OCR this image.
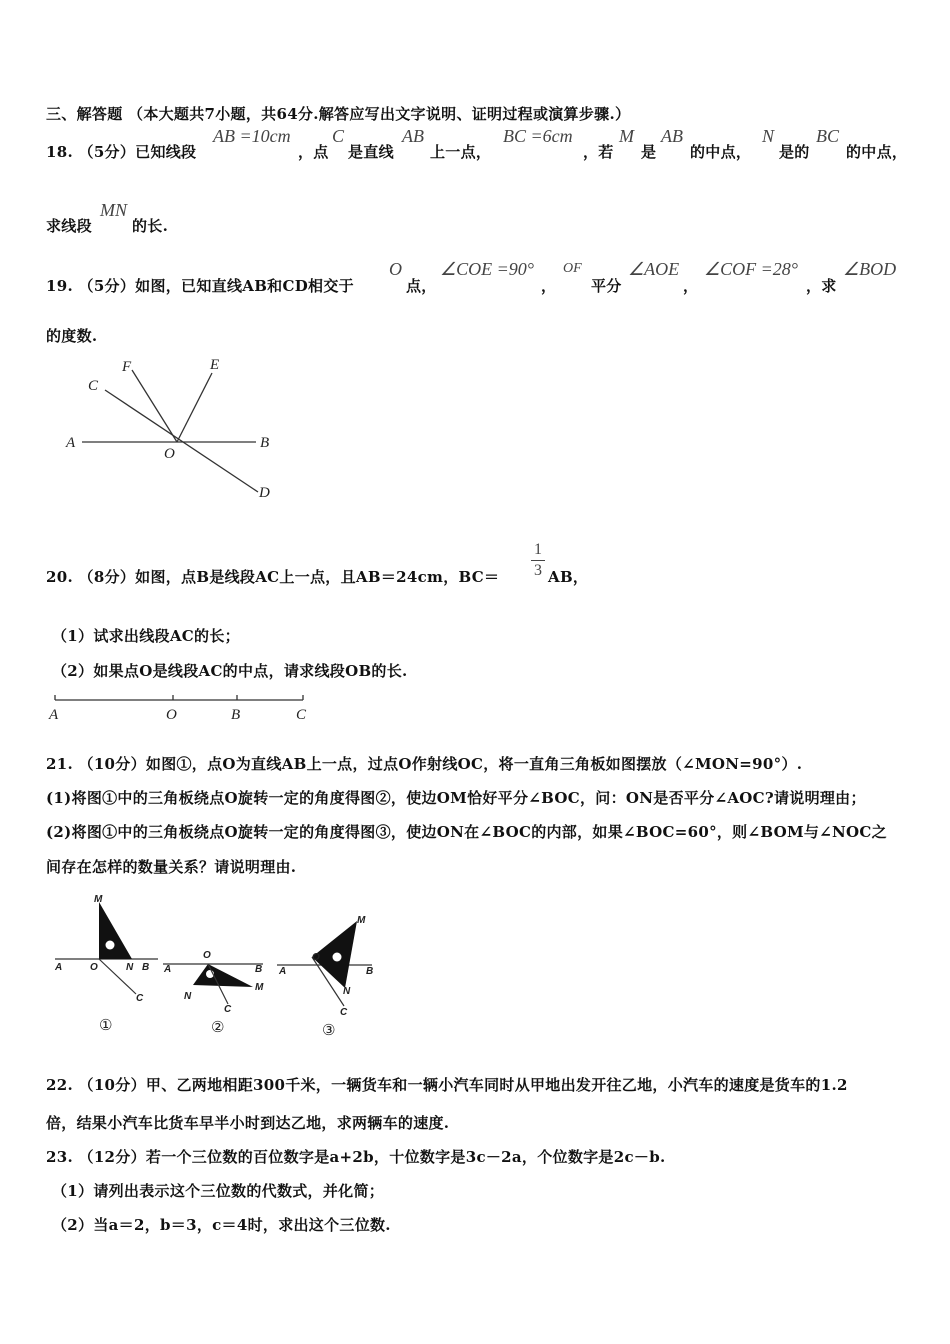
三、解答题 （本大题共7小题，共64分.解答应写出文字说明、证明过程或演算步骤.）
18. （5分）已知线段
AB =10cm
，点
C
是直线
AB
上一点，
BC =6cm
，若
M
是
AB
的中点，
N
是的
BC
的中点，
求线段
MN
的长.
19. （5分）如图，已知直线AB和CD相交于
O
点，
∠COE =90°
，
OF
平分
∠AOE
，
∠COF =28°
，求
∠BOD
的度数.
F	E
C
A	B
O
D
20. （8分）如图，点B是线段AC上一点，且AB＝24cm，BC＝
1
3 AB，
（1）试求出线段AC的长；
（2）如果点O是线段AC的中点，请求线段OB的长.
A	O	B	C
21. （10分）如图①，点O为直线AB上一点，过点O作射线OC，将一直角三角板如图摆放（∠MON=90°）.
(1)将图①中的三角板绕点O旋转一定的角度得图②，使边OM恰好平分∠BOC，问：ON是否平分∠AOC?请说明理由；
(2)将图①中的三角板绕点O旋转一定的角度得图③，使边ON在∠BOC的内部，如果∠BOC=60°，则∠BOM与∠NOC之
间存在怎样的数量关系？请说明理由.
M
A	O	N B
C
①
O
A	B
N
C
M
②
M
O
A	B
N
C
③
22. （10分）甲、乙两地相距300千米，一辆货车和一辆小汽车同时从甲地出发开往乙地，小汽车的速度是货车的1.2
倍，结果小汽车比货车早半小时到达乙地，求两辆车的速度.
23. （12分）若一个三位数的百位数字是a+2b，十位数字是3c－2a，个位数字是2c－b.
（1）请列出表示这个三位数的代数式，并化简；
（2）当a＝2，b＝3，c＝4时，求出这个三位数.
